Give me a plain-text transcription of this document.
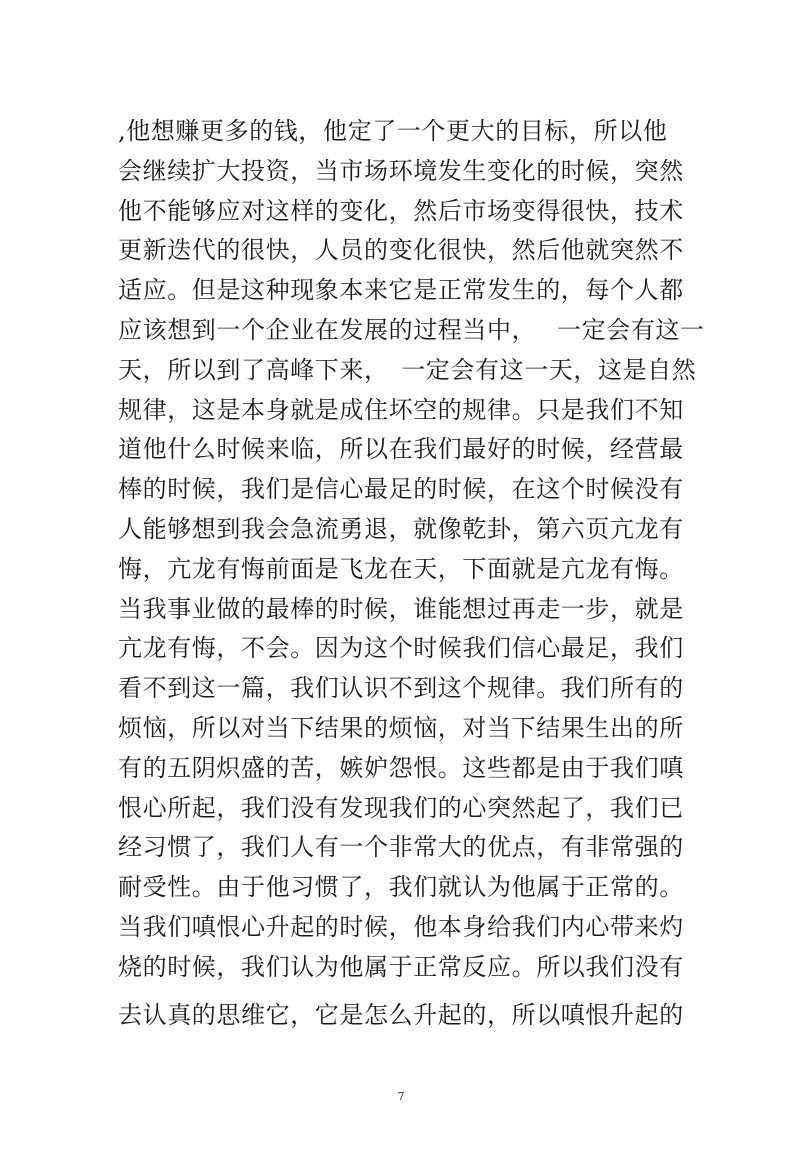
,他想赚更多的钱，他定了一个更大的目标，所以他
会继续扩大投资，当市场环境发生变化的时候，突然
他不能够应对这样的变化，然后市场变得很快，技术
更新迭代的很快，人员的变化很快，然后他就突然不
适应。但是这种现象本来它是正常发生的，每个人都
应该想到一个企业在发展的过程当中，　 一定会有这一
天，所以到了高峰下来，　一定会有这一天，这是自然
规律，这是本身就是成住坏空的规律。只是我们不知
道他什么时候来临，所以在我们最好的时候，经营最
棒的时候，我们是信心最足的时候，在这个时候没有
人能够想到我会急流勇退，就像乾卦，第六页亢龙有
悔，亢龙有悔前面是飞龙在天，下面就是亢龙有悔。
当我事业做的最棒的时候，谁能想过再走一步，就是
亢龙有悔，不会。因为这个时候我们信心最足，我们
看不到这一篇，我们认识不到这个规律。我们所有的
烦恼，所以对当下结果的烦恼，对当下结果生出的所
有的五阴炽盛的苦，嫉妒怨恨。这些都是由于我们嗔
恨心所起，我们没有发现我们的心突然起了，我们已
经习惯了，我们人有一个非常大的优点，有非常强的
耐受性。由于他习惯了，我们就认为他属于正常的。
当我们嗔恨心升起的时候，他本身给我们内心带来灼
烧的时候，我们认为他属于正常反应。所以我们没有
去认真的思维它，它是怎么升起的，所以嗔恨升起的
7
